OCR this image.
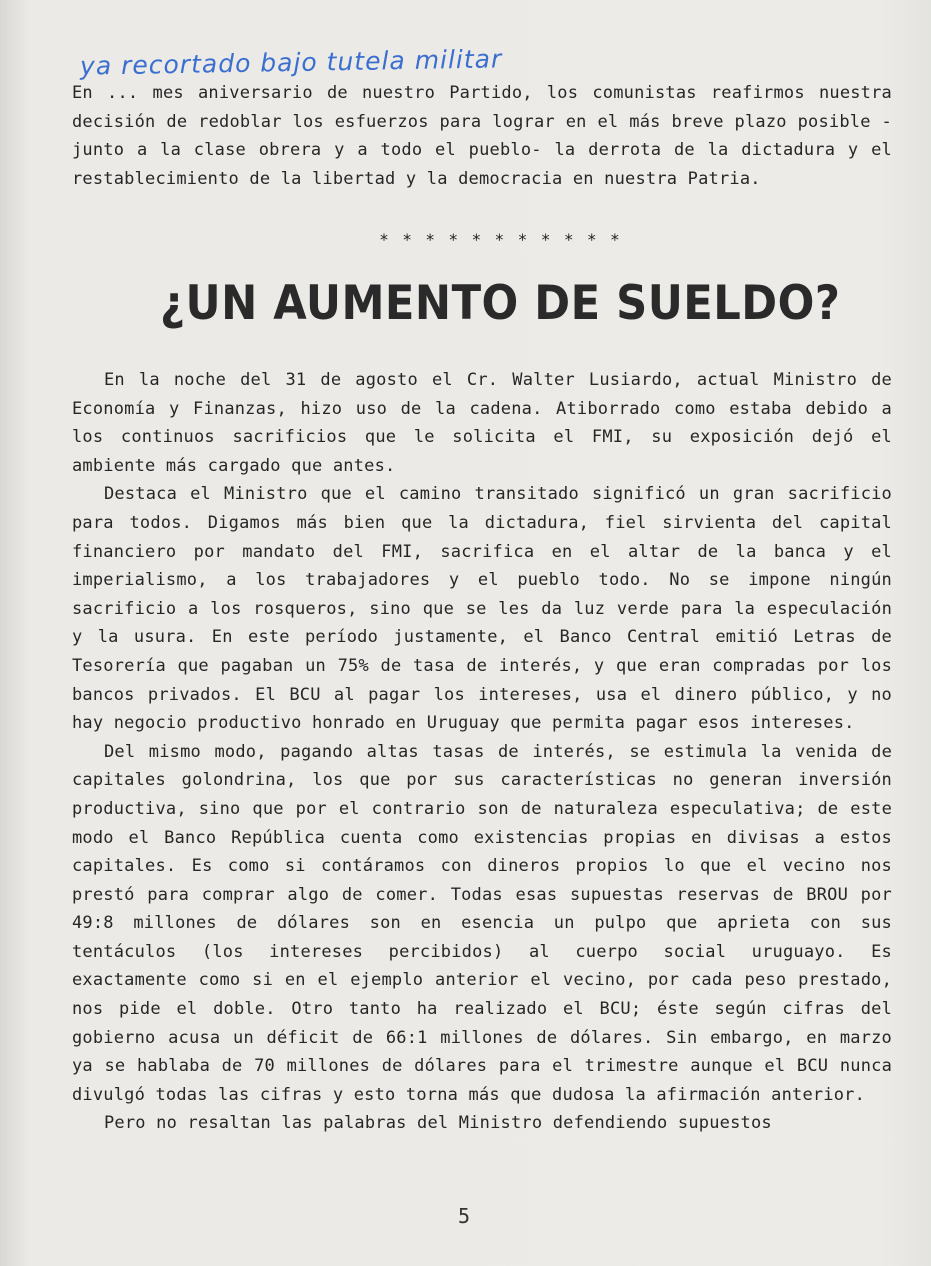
ya recortado bajo tutela militar

En ... mes aniversario de nuestro Partido, los comunistas reafirmos nuestra decisión de redoblar los esfuerzos para lograr en el más breve plazo posible -junto a la clase obrera y a todo el pueblo- la derrota de la dictadura y el restablecimiento de la libertad y la democracia en nuestra Patria.

* * * * * * * * * * *
¿UN AUMENTO DE SUELDO?

En la noche del 31 de agosto el Cr. Walter Lusiardo, actual Ministro de Economía y Finanzas, hizo uso de la cadena. Atiborrado como estaba debido a los continuos sacrificios que le solicita el FMI, su exposición dejó el ambiente más cargado que antes.

Destaca el Ministro que el camino transitado significó un gran sacrificio para todos. Digamos más bien que la dictadura, fiel sirvienta del capital financiero por mandato del FMI, sacrifica en el altar de la banca y el imperialismo, a los trabajadores y el pueblo todo. No se impone ningún sacrificio a los rosqueros, sino que se les da luz verde para la especulación y la usura. En este período justamente, el Banco Central emitió Letras de Tesorería que pagaban un 75% de tasa de interés, y que eran compradas por los bancos privados. El BCU al pagar los intereses, usa el dinero público, y no hay negocio productivo honrado en Uruguay que permita pagar esos intereses.

Del mismo modo, pagando altas tasas de interés, se estimula la venida de capitales golondrina, los que por sus características no generan inversión productiva, sino que por el contrario son de naturaleza especulativa; de este modo el Banco República cuenta como existencias propias en divisas a estos capitales. Es como si contáramos con dineros propios lo que el vecino nos prestó para comprar algo de comer. Todas esas supuestas reservas de BROU por 49:8 millones de dólares son en esencia un pulpo que aprieta con sus tentáculos (los intereses percibidos) al cuerpo social uruguayo. Es exactamente como si en el ejemplo anterior el vecino, por cada peso prestado, nos pide el doble. Otro tanto ha realizado el BCU; éste según cifras del gobierno acusa un déficit de 66:1 millones de dólares. Sin embargo, en marzo ya se hablaba de 70 millones de dólares para el trimestre aunque el BCU nunca divulgó todas las cifras y esto torna más que dudosa la afirmación anterior.

Pero no resaltan las palabras del Ministro defendiendo supuestos

5
